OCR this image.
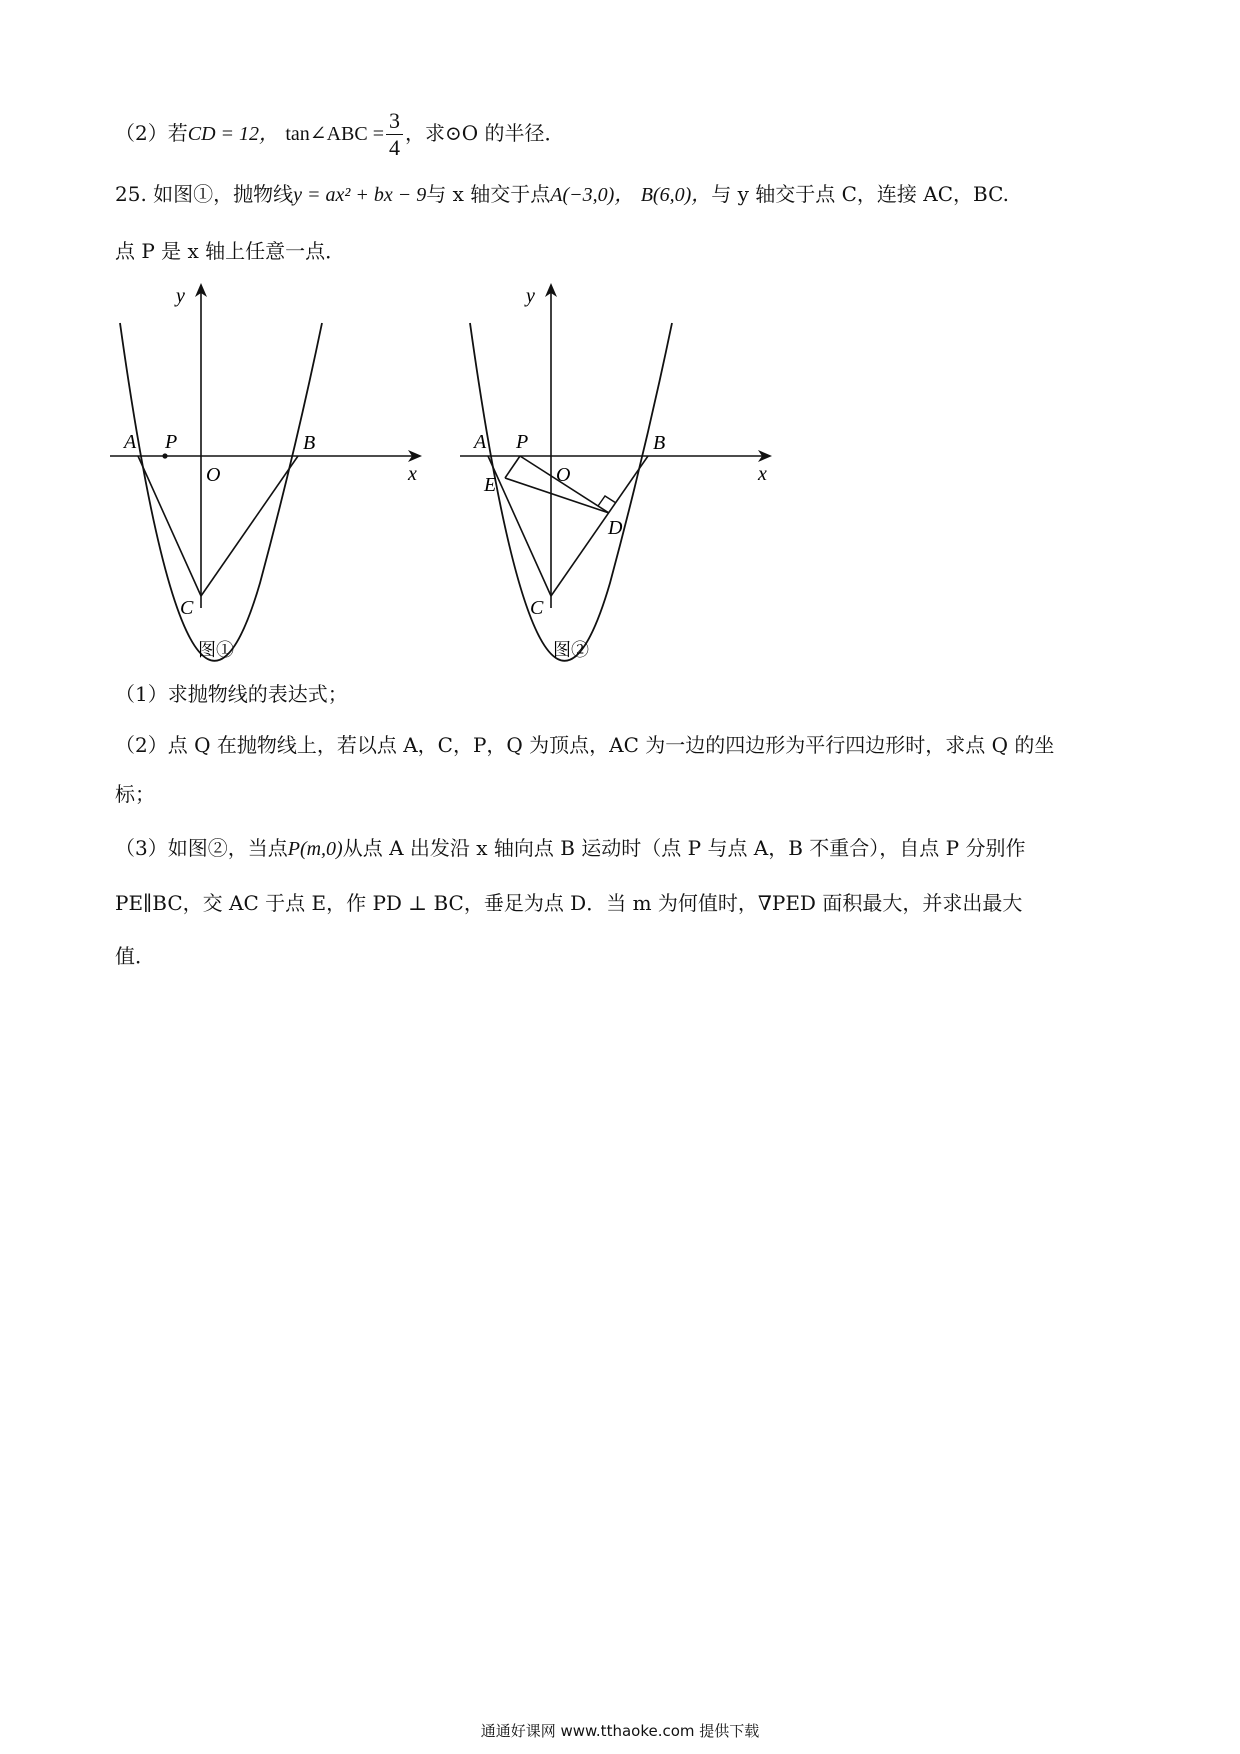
（2）若CD = 12， tan∠ABC = $\frac{3}{4}$ ，求⊙O 的半径．
25. 如图①，抛物线y = ax² + bx − 9与 x 轴交于点A(−3,0)， B(6,0)，与 y 轴交于点 C，连接 AC，BC.
点 P 是 x 轴上任意一点．
y
x
A P
O
B
C
图①
y
x
A P
O
B
E
D
C
图②
（1）求抛物线的表达式；
（2）点 Q 在抛物线上，若以点 A，C，P，Q 为顶点，AC 为一边的四边形为平行四边形时，求点 Q 的坐
标；
（3）如图②，当点P(m,0)从点 A 出发沿 x 轴向点 B 运动时（点 P 与点 A，B 不重合），自点 P 分别作
PE∥BC，交 AC 于点 E，作 PD ⊥ BC，垂足为点 D．当 m 为何值时，∇PED 面积最大，并求出最大
值．
通通好课网 www.tthaoke.com 提供下载
